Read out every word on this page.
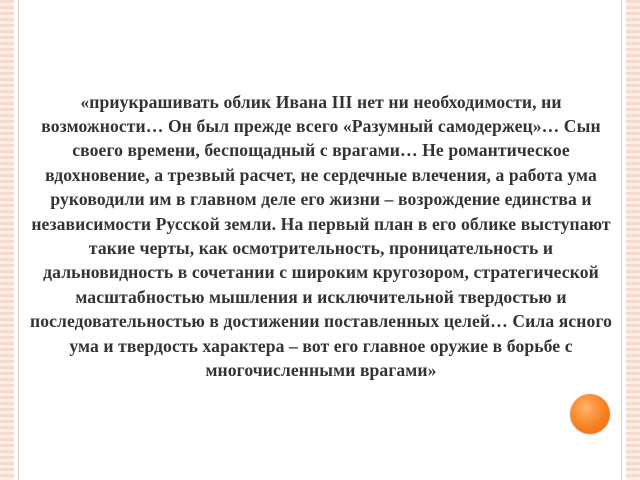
«приукрашивать облик Ивана III нет ни необходимости, ни возможности… Он был прежде всего «Разумный самодержец»… Сын своего времени, беспощадный с врагами… Не романтическое вдохновение, а трезвый расчет, не сердечные влечения, а работа ума руководили им в главном деле его жизни – возрождение единства и независимости Русской земли. На первый план в его облике выступают такие черты, как осмотрительность, проницательность и дальновидность в сочетании с широким кругозором, стратегической масштабностью мышления и исключительной твердостью и последовательностью в достижении поставленных целей… Сила ясного ума и твердость характера – вот его главное оружие в борьбе с многочисленными врагами»
